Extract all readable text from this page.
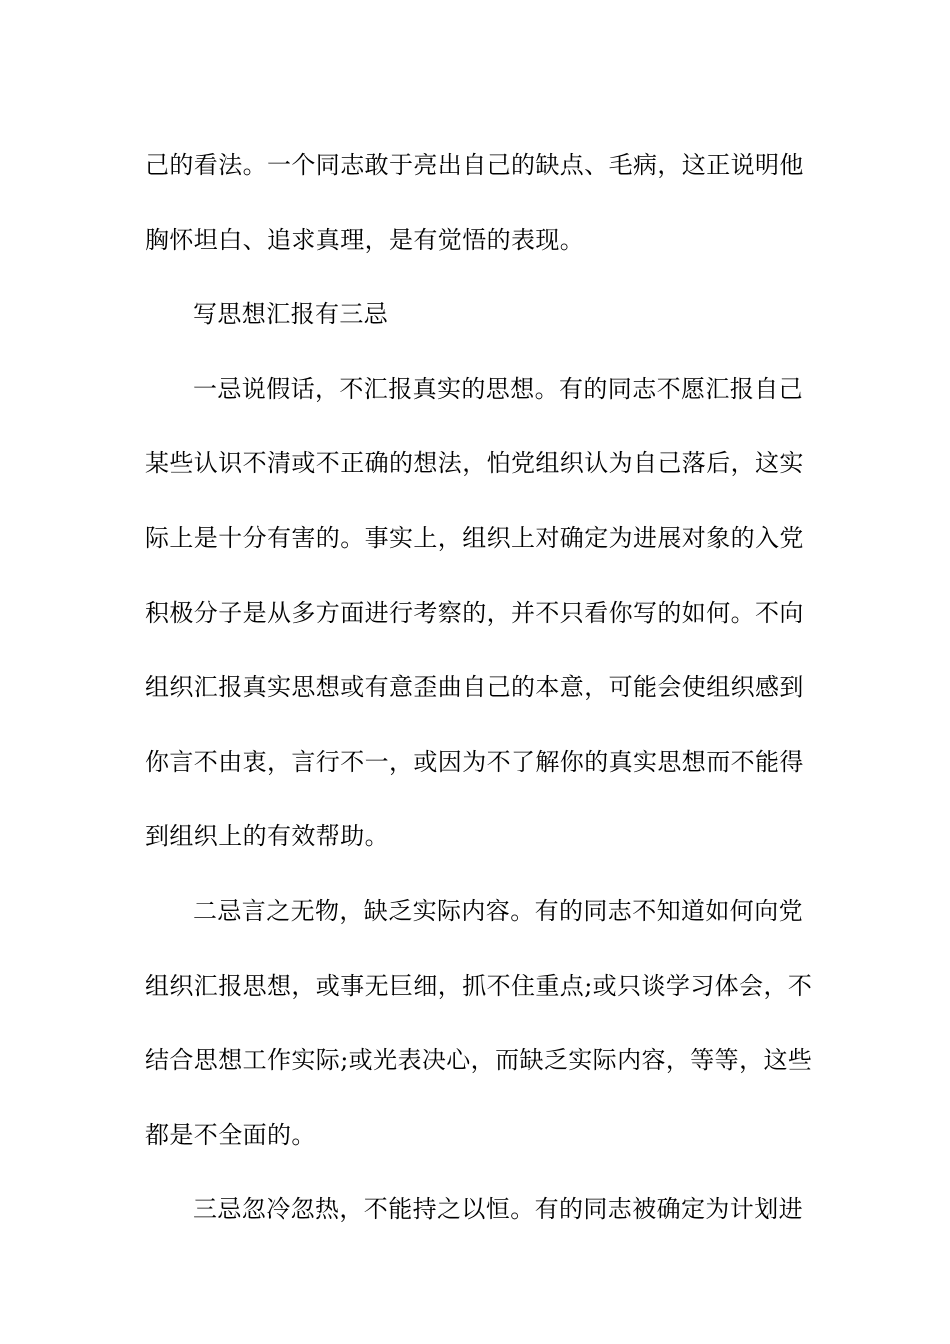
己的看法。一个同志敢于亮出自己的缺点、毛病，这正说明他
胸怀坦白、追求真理，是有觉悟的表现。
写思想汇报有三忌
一忌说假话，不汇报真实的思想。有的同志不愿汇报自己
某些认识不清或不正确的想法，怕党组织认为自己落后，这实
际上是十分有害的。事实上，组织上对确定为进展对象的入党
积极分子是从多方面进行考察的，并不只看你写的如何。不向
组织汇报真实思想或有意歪曲自己的本意，可能会使组织感到
你言不由衷，言行不一，或因为不了解你的真实思想而不能得
到组织上的有效帮助。
二忌言之无物，缺乏实际内容。有的同志不知道如何向党
组织汇报思想，或事无巨细，抓不住重点;或只谈学习体会，不
结合思想工作实际;或光表决心，而缺乏实际内容，等等，这些
都是不全面的。
三忌忽冷忽热，不能持之以恒。有的同志被确定为计划进
